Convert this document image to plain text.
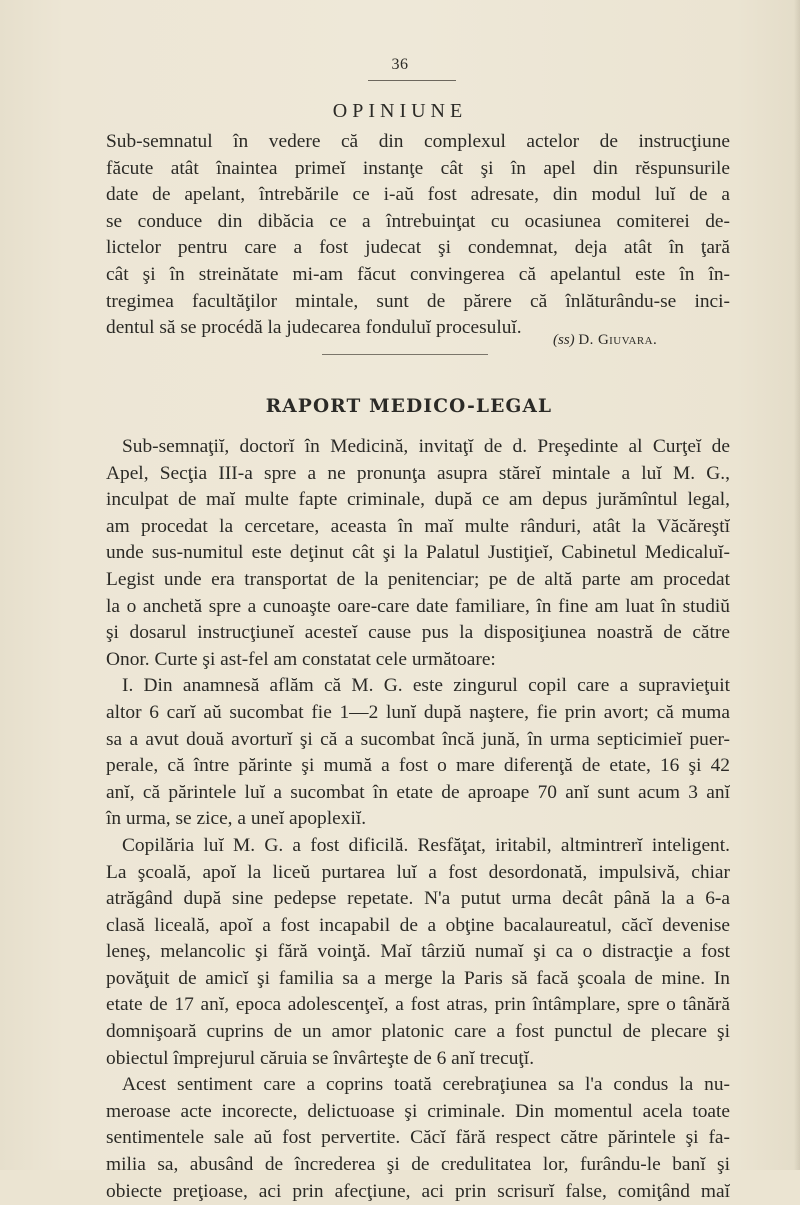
36
OPINIUNE
Sub-semnatul în vedere că din complexul actelor de instrucţiune
făcute atât înaintea primeĭ instanţe cât şi în apel din rĕspunsurile
date de apelant, întrebările ce i-aŭ fost adresate, din modul luĭ de a
se conduce din dibăcia ce a întrebuinţat cu ocasiunea comiterei de-
lictelor pentru care a fost judecat şi condemnat, deja atât în ţară
cât şi în streinătate mi-am făcut convingerea că apelantul este în în-
tregimea facultăţilor mintale, sunt de părere că înlăturându-se inci-
dentul să se procédă la judecarea fonduluĭ procesuluĭ.
(ss) D. Giuvara.
RAPORT MEDICO-LEGAL
Sub-semnaţiĭ, doctorĭ în Medicină, invitaţĭ de d. Preşedinte al Curţeĭ de
Apel, Secţia III-a spre a ne pronunţa asupra stăreĭ mintale a luĭ M. G.,
inculpat de maĭ multe fapte criminale, după ce am depus jurămîntul legal,
am procedat la cercetare, aceasta în maĭ multe rânduri, atât la Văcăreştĭ
unde sus-numitul este deţinut cât şi la Palatul Justiţieĭ, Cabinetul Medicaluĭ-
Legist unde era transportat de la penitenciar; pe de altă parte am procedat
la o anchetă spre a cunoaşte oare-care date familiare, în fine am luat în studiŭ
şi dosarul instrucţiuneĭ acesteĭ cause pus la disposiţiunea noastră de către
Onor. Curte şi ast-fel am constatat cele următoare:
I. Din anamnesă aflăm că M. G. este zingurul copil care a supravieţuit
altor 6 carĭ aŭ sucombat fie 1—2 lunĭ după naştere, fie prin avort; că muma
sa a avut două avorturĭ şi că a sucombat încă jună, în urma septicimieĭ puer-
perale, că între părinte şi mumă a fost o mare diferenţă de etate, 16 şi 42
anĭ, că părintele luĭ a sucombat în etate de aproape 70 anĭ sunt acum 3 anĭ
în urma, se zice, a uneĭ apoplexiĭ.
Copilăria luĭ M. G. a fost dificilă. Resfăţat, iritabil, altmintrerĭ inteligent.
La şcoală, apoĭ la liceŭ purtarea luĭ a fost desordonată, impulsivă, chiar
atrăgând după sine pedepse repetate. N'a putut urma decât până la a 6-a
clasă liceală, apoĭ a fost incapabil de a obţine bacalaureatul, căcĭ devenise
leneş, melancolic şi fără voinţă. Maĭ târziŭ numaĭ şi ca o distracţie a fost
povăţuit de amicĭ şi familia sa a merge la Paris să facă şcoala de mine. In
etate de 17 anĭ, epoca adolescenţeĭ, a fost atras, prin întâmplare, spre o tânără
domnişoară cuprins de un amor platonic care a fost punctul de plecare şi
obiectul împrejurul căruia se învârteşte de 6 anĭ trecuţĭ.
Acest sentiment care a coprins toată cerebraţiunea sa l'a condus la nu-
meroase acte incorecte, delictuoase şi criminale. Din momentul acela toate
sentimentele sale aŭ fost pervertite. Căcĭ fără respect către părintele şi fa-
milia sa, abusând de încrederea şi de credulitatea lor, furându-le banĭ şi
obiecte preţioase, aci prin afecţiune, aci prin scrisurĭ false, comiţând maĭ
